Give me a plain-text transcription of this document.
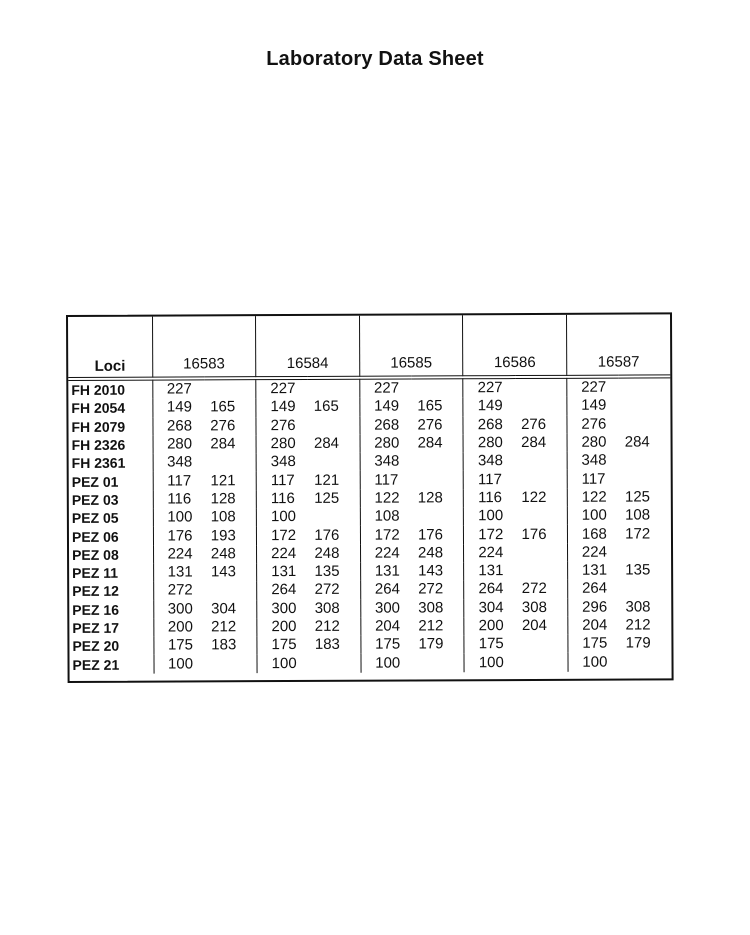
Laboratory Data Sheet
Loci	16583		16584		16585		16586		16587	
FH 2010	227		227		227		227		227	
FH 2054	149	165	149	165	149	165	149		149	
FH 2079	268	276	276		268	276	268	276	276	
FH 2326	280	284	280	284	280	284	280	284	280	284
FH 2361	348		348		348		348		348	
PEZ 01	117	121	117	121	117		117		117	
PEZ 03	116	128	116	125	122	128	116	122	122	125
PEZ 05	100	108	100		108		100		100	108
PEZ 06	176	193	172	176	172	176	172	176	168	172
PEZ 08	224	248	224	248	224	248	224		224	
PEZ 11	131	143	131	135	131	143	131		131	135
PEZ 12	272		264	272	264	272	264	272	264	
PEZ 16	300	304	300	308	300	308	304	308	296	308
PEZ 17	200	212	200	212	204	212	200	204	204	212
PEZ 20	175	183	175	183	175	179	175		175	179
PEZ 21	100		100		100		100		100	
